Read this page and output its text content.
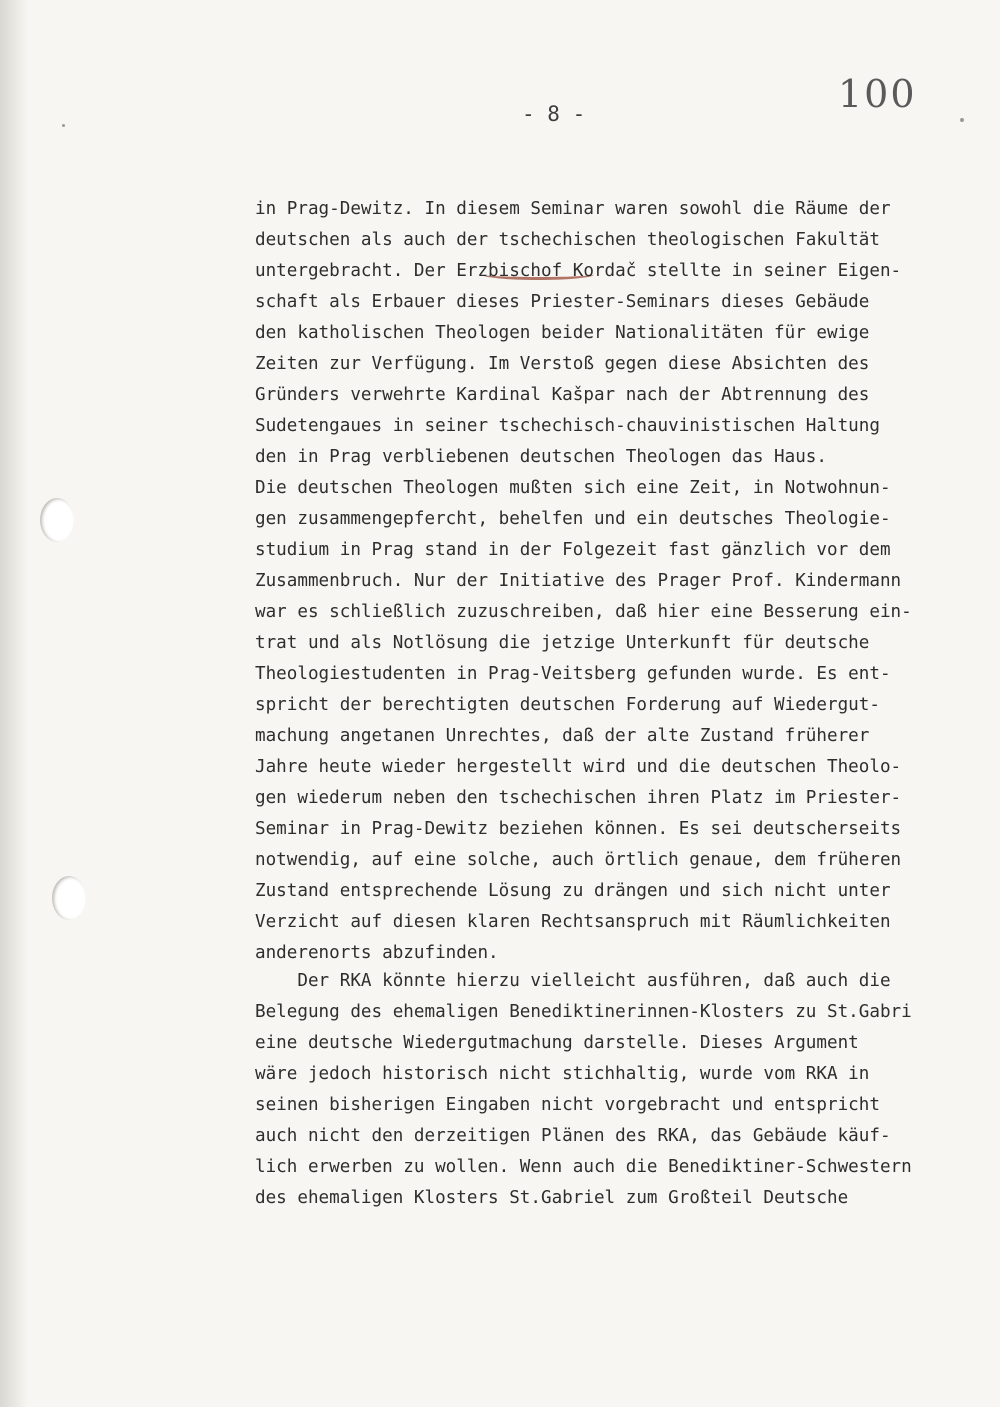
100
- 8 -
in Prag-Dewitz. In diesem Seminar waren sowohl die Räume der
deutschen als auch der tschechischen theologischen Fakultät
untergebracht. Der Erzbischof Kordač stellte in seiner Eigen-
schaft als Erbauer dieses Priester-Seminars dieses Gebäude
den katholischen Theologen beider Nationalitäten für ewige
Zeiten zur Verfügung. Im Verstoß gegen diese Absichten des
Gründers verwehrte Kardinal Kašpar nach der Abtrennung des
Sudetengaues in seiner tschechisch-chauvinistischen Haltung
den in Prag verbliebenen deutschen Theologen das Haus.
Die deutschen Theologen mußten sich eine Zeit, in Notwohnun-
gen zusammengepfercht, behelfen und ein deutsches Theologie-
studium in Prag stand in der Folgezeit fast gänzlich vor dem
Zusammenbruch. Nur der Initiative des Prager Prof. Kindermann
war es schließlich zuzuschreiben, daß hier eine Besserung ein-
trat und als Notlösung die jetzige Unterkunft für deutsche
Theologiestudenten in Prag-Veitsberg gefunden wurde. Es ent-
spricht der berechtigten deutschen Forderung auf Wiedergut-
machung angetanen Unrechtes, daß der alte Zustand früherer
Jahre heute wieder hergestellt wird und die deutschen Theolo-
gen wiederum neben den tschechischen ihren Platz im Priester-
Seminar in Prag-Dewitz beziehen können. Es sei deutscherseits
notwendig, auf eine solche, auch örtlich genaue, dem früheren
Zustand entsprechende Lösung zu drängen und sich nicht unter
Verzicht auf diesen klaren Rechtsanspruch mit Räumlichkeiten
anderenorts abzufinden.
Der RKA könnte hierzu vielleicht ausführen, daß auch die
Belegung des ehemaligen Benediktinerinnen-Klosters zu St.Gabri
eine deutsche Wiedergutmachung darstelle. Dieses Argument
wäre jedoch historisch nicht stichhaltig, wurde vom RKA in
seinen bisherigen Eingaben nicht vorgebracht und entspricht
auch nicht den derzeitigen Plänen des RKA, das Gebäude käuf-
lich erwerben zu wollen. Wenn auch die Benediktiner-Schwestern
des ehemaligen Klosters St.Gabriel zum Großteil Deutsche
